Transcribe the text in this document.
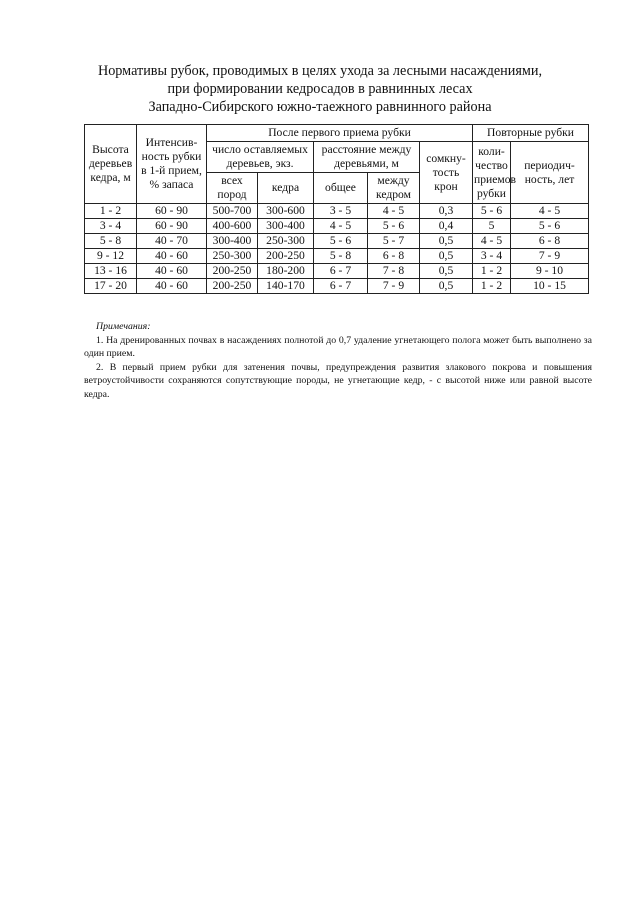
Нормативы рубок, проводимых в целях ухода за лесными насаждениями,
при формировании кедросадов в равнинных лесах
Западно-Сибирского южно-таежного равнинного района
Высота деревьев кедра, м	Интенсив-ность рубки в 1-й прием, % запаса	После первого приема рубки					Повторные рубки	
		число оставляемых деревьев, экз.		расстояние между деревьями, м		сомкну-тость крон	коли-чество приемов рубки	периодич-ность, лет
		всех пород	кедра	общее	между кедром			
1 - 2	60 - 90	500-700	300-600	3 - 5	4 - 5	0,3	5 - 6	4 - 5
3 - 4	60 - 90	400-600	300-400	4 - 5	5 - 6	0,4	5	5 - 6
5 - 8	40 - 70	300-400	250-300	5 - 6	5 - 7	0,5	4 - 5	6 - 8
9 - 12	40 - 60	250-300	200-250	5 - 8	6 - 8	0,5	3 - 4	7 - 9
13 - 16	40 - 60	200-250	180-200	6 - 7	7 - 8	0,5	1 - 2	9 - 10
17 - 20	40 - 60	200-250	140-170	6 - 7	7 - 9	0,5	1 - 2	10 - 15

Примечания:

1. На дренированных почвах в насаждениях полнотой до 0,7 удаление угнетающего полога может быть выполнено за один прием.

2. В первый прием рубки для затенения почвы, предупреждения развития злакового покрова и повышения ветроустойчивости сохраняются сопутствующие породы, не угнетающие кедр, - с высотой ниже или равной высоте кедра.
